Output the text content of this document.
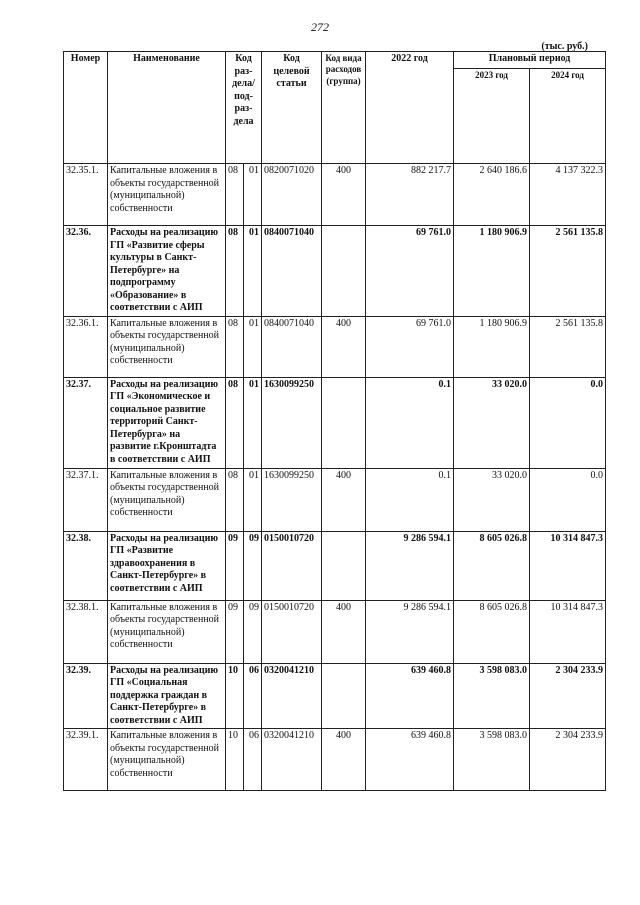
272
(тыс. руб.)
Номер	Наименование	Код раз-дела/ под-раз-дела		Код целевой статьи	Код вида расходов (группа)	2022 год	Плановый период	
							2023 год	2024 год
32.35.1.	Капитальные вложения в объекты государственной (муниципальной) собственности	08	01	0820071020	400	882 217.7	2 640 186.6	4 137 322.3
32.36.	Расходы на реализацию ГП «Развитие сферы культуры в Санкт-Петербурге» на подпрограмму «Образование» в соответствии с АИП	08	01	0840071040		69 761.0	1 180 906.9	2 561 135.8
32.36.1.	Капитальные вложения в объекты государственной (муниципальной) собственности	08	01	0840071040	400	69 761.0	1 180 906.9	2 561 135.8
32.37.	Расходы на реализацию ГП «Экономическое и социальное развитие территорий Санкт-Петербурга» на развитие г.Кронштадта в соответствии с АИП	08	01	1630099250		0.1	33 020.0	0.0
32.37.1.	Капитальные вложения в объекты государственной (муниципальной) собственности	08	01	1630099250	400	0.1	33 020.0	0.0
32.38.	Расходы на реализацию ГП «Развитие здравоохранения в Санкт-Петербурге» в соответствии с АИП	09	09	0150010720		9 286 594.1	8 605 026.8	10 314 847.3
32.38.1.	Капитальные вложения в объекты государственной (муниципальной) собственности	09	09	0150010720	400	9 286 594.1	8 605 026.8	10 314 847.3
32.39.	Расходы на реализацию ГП «Социальная поддержка граждан в Санкт-Петербурге» в соответствии с АИП	10	06	0320041210		639 460.8	3 598 083.0	2 304 233.9
32.39.1.	Капитальные вложения в объекты государственной (муниципальной) собственности	10	06	0320041210	400	639 460.8	3 598 083.0	2 304 233.9
